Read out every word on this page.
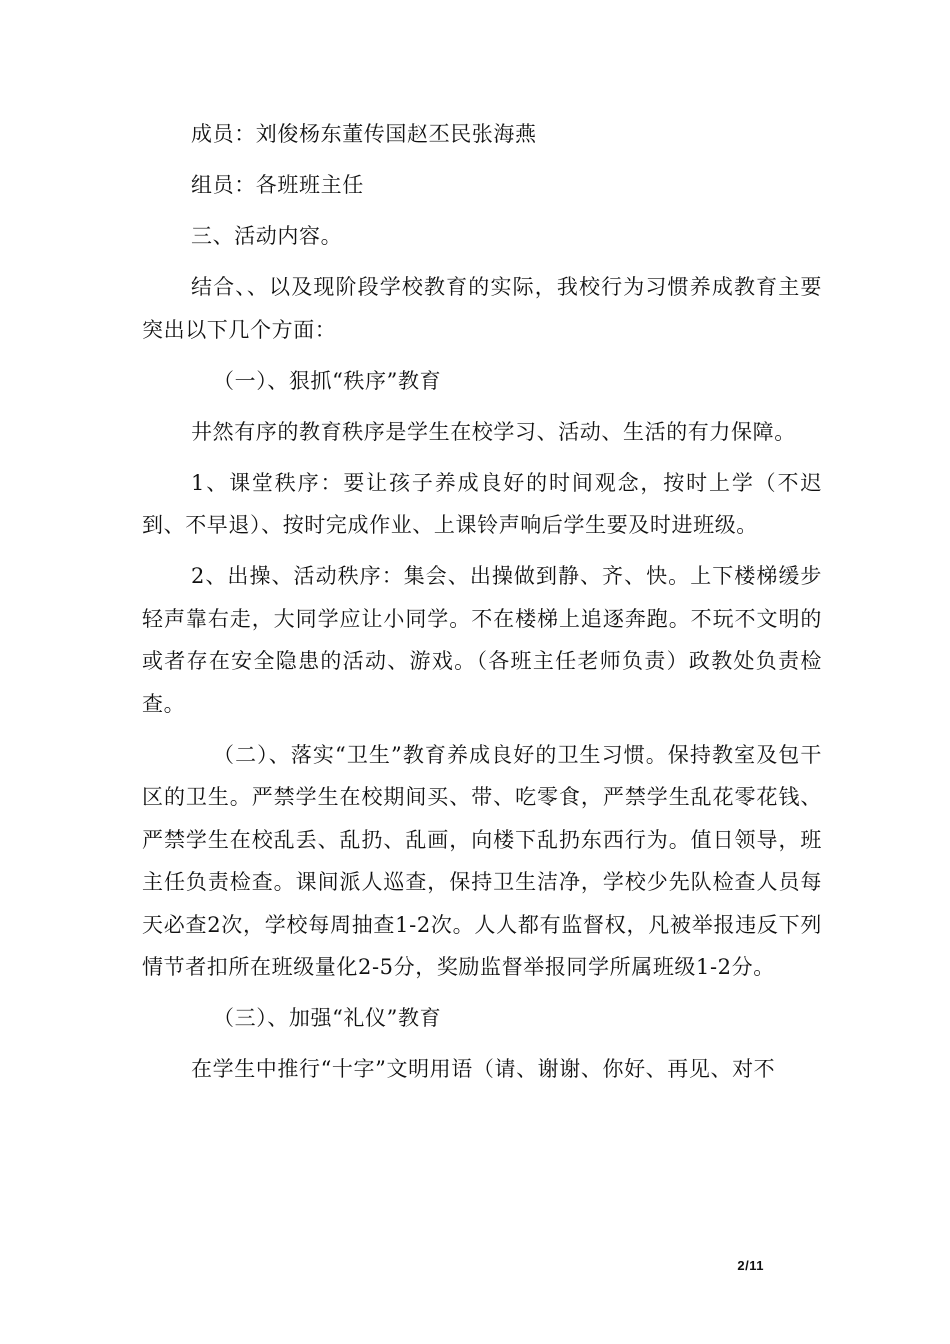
成员：刘俊杨东董传国赵丕民张海燕

组员：各班班主任

三、活动内容。

结合、、以及现阶段学校教育的实际，我校行为习惯养成教育主要突出以下几个方面：

（一）、狠抓“秩序”教育

井然有序的教育秩序是学生在校学习、活动、生活的有力保障。

1、课堂秩序：要让孩子养成良好的时间观念，按时上学（不迟到、不早退）、按时完成作业、上课铃声响后学生要及时进班级。

2、出操、活动秩序：集会、出操做到静、齐、快。上下楼梯缓步轻声靠右走，大同学应让小同学。不在楼梯上追逐奔跑。不玩不文明的或者存在安全隐患的活动、游戏。（各班主任老师负责）政教处负责检查。

（二）、落实“卫生”教育养成良好的卫生习惯。保持教室及包干区的卫生。严禁学生在校期间买、带、吃零食，严禁学生乱花零花钱、严禁学生在校乱丢、乱扔、乱画，向楼下乱扔东西行为。值日领导，班主任负责检查。课间派人巡查，保持卫生洁净，学校少先队检查人员每天必查2次，学校每周抽查1-2次。人人都有监督权，凡被举报违反下列情节者扣所在班级量化2-5分，奖励监督举报同学所属班级1-2分。

（三）、加强“礼仪”教育

在学生中推行“十字”文明用语（请、谢谢、你好、再见、对不

2/11
